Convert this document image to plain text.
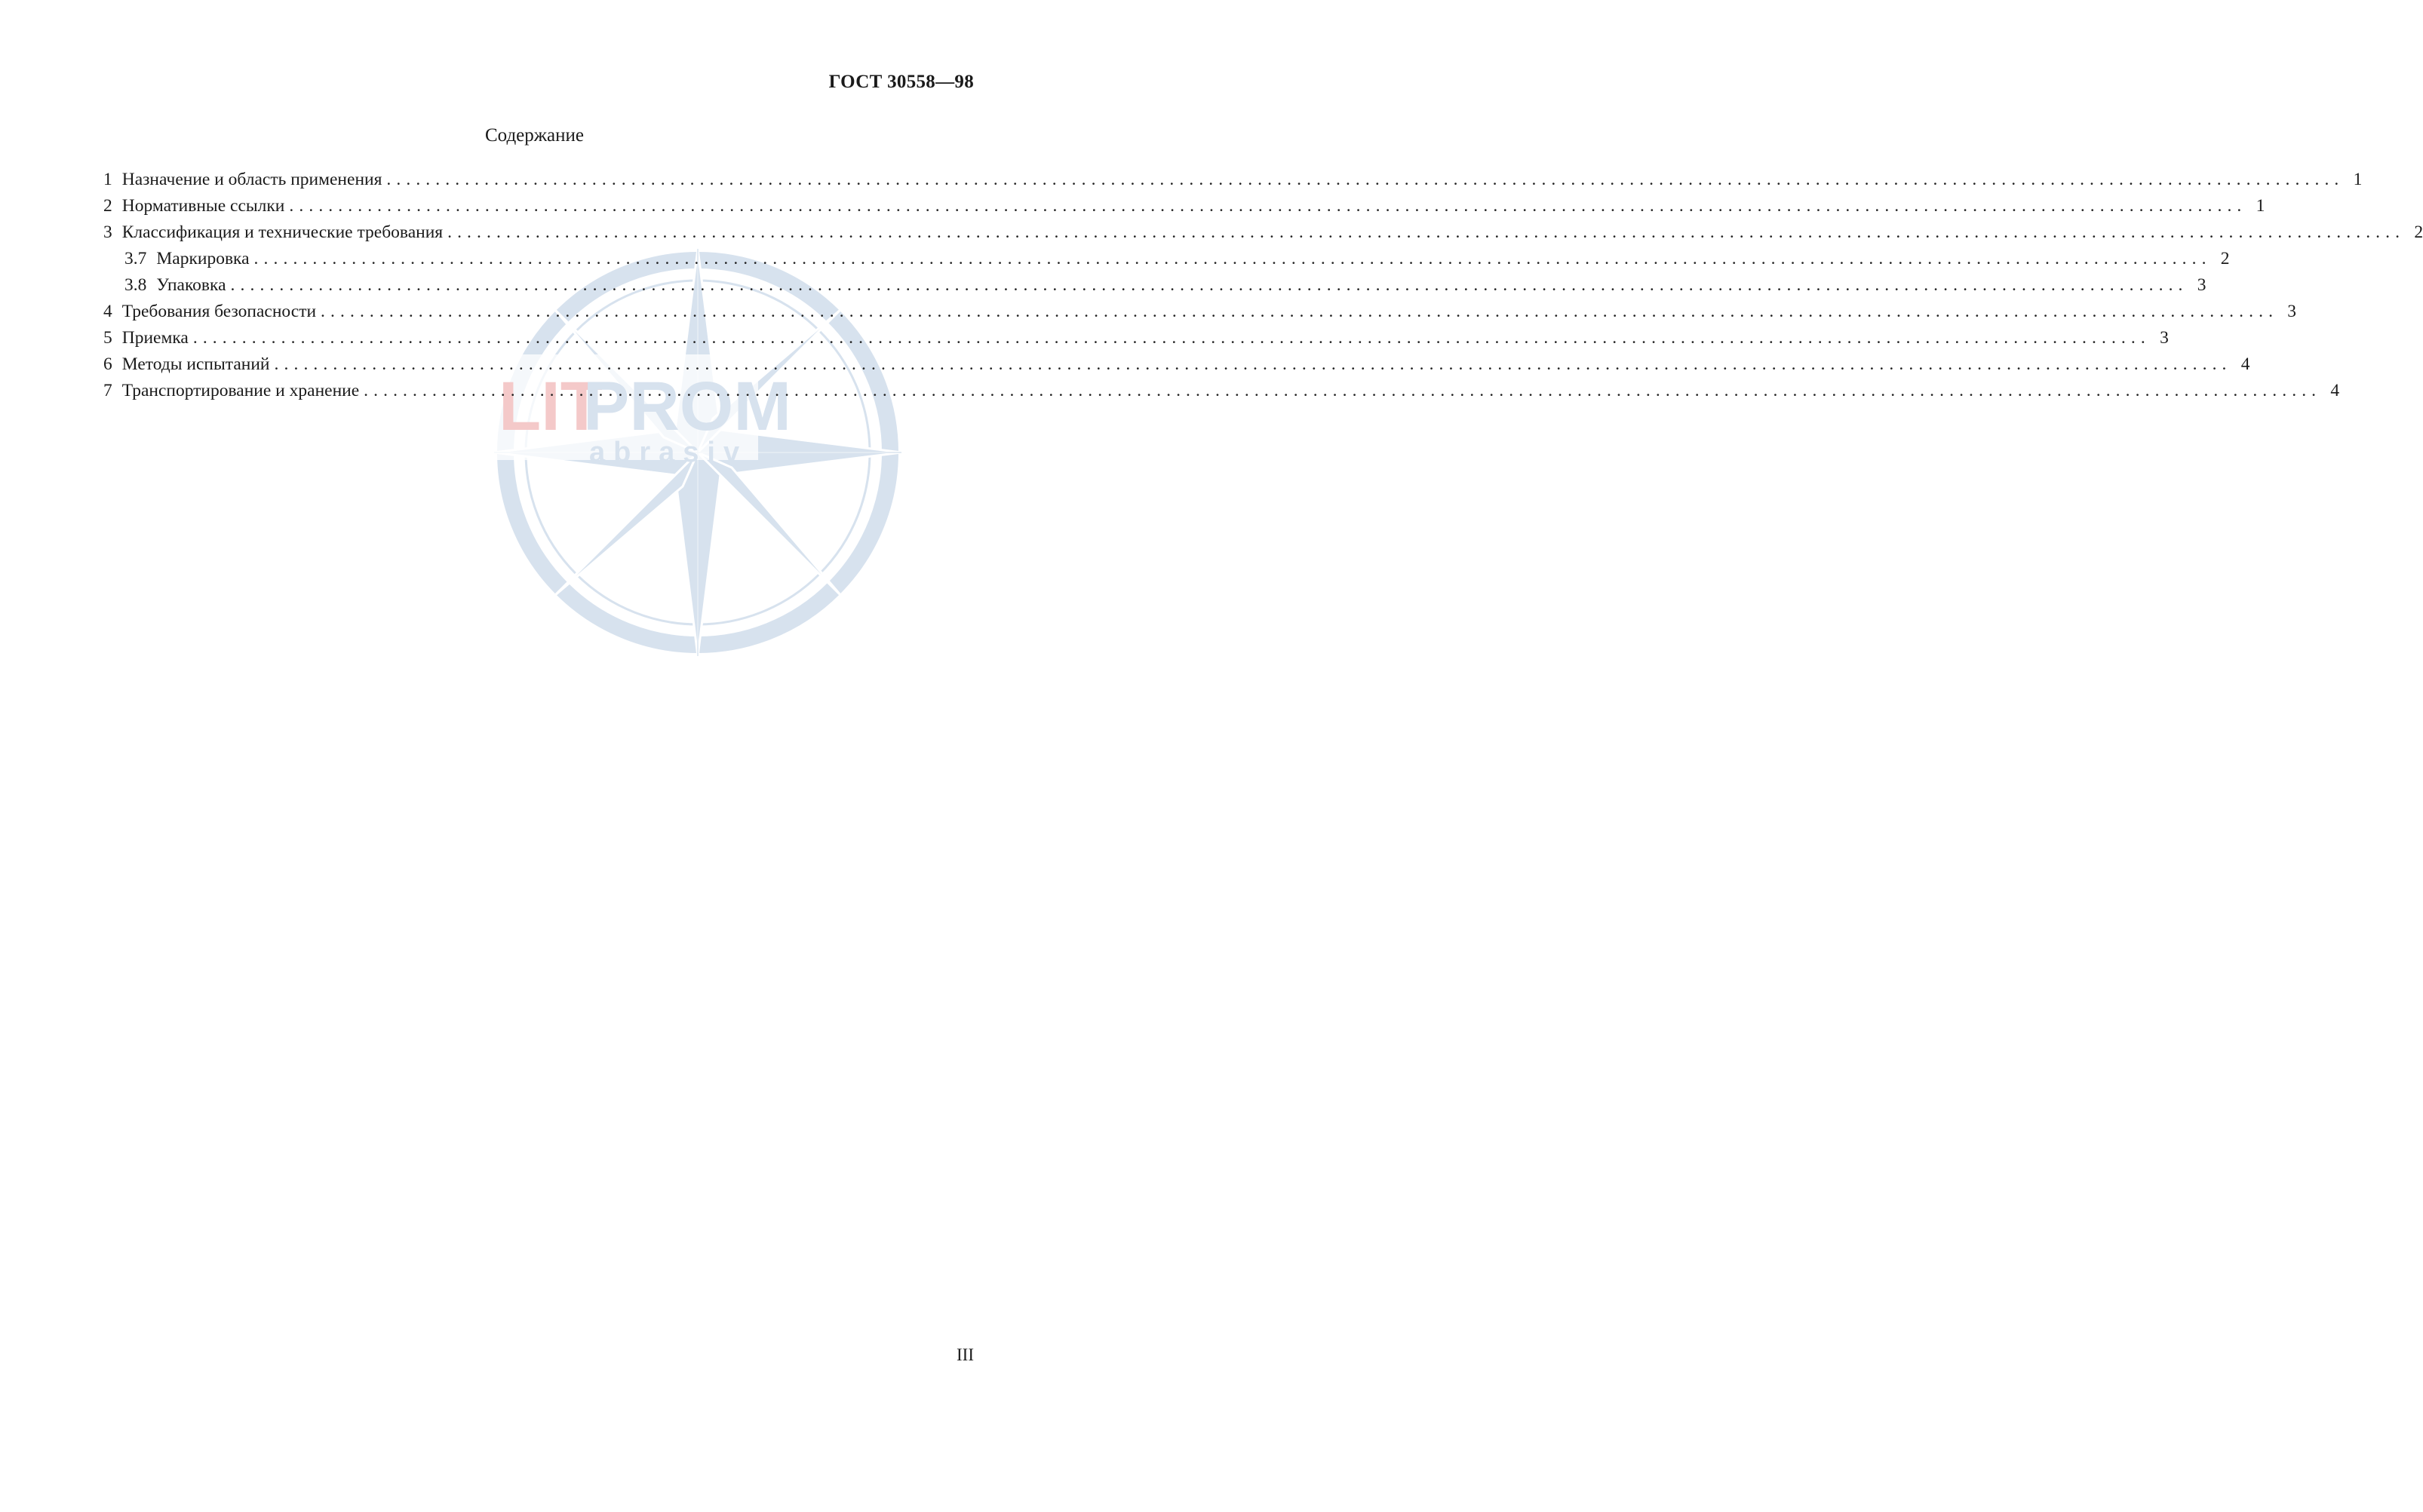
ГОСТ 30558—98
Содержание
LIT
PROM
abrasiv
1 Назначение и область применения ........................................................................................................................................................................................................ 1
2 Нормативные ссылки ........................................................................................................................................................................................................ 1
3 Классификация и технические требования ........................................................................................................................................................................................................ 2
3.7 Маркировка ........................................................................................................................................................................................................ 2
3.8 Упаковка ........................................................................................................................................................................................................ 3
4 Требования безопасности ........................................................................................................................................................................................................ 3
5 Приемка ........................................................................................................................................................................................................ 3
6 Методы испытаний ........................................................................................................................................................................................................ 4
7 Транспортирование и хранение ........................................................................................................................................................................................................ 4
III
